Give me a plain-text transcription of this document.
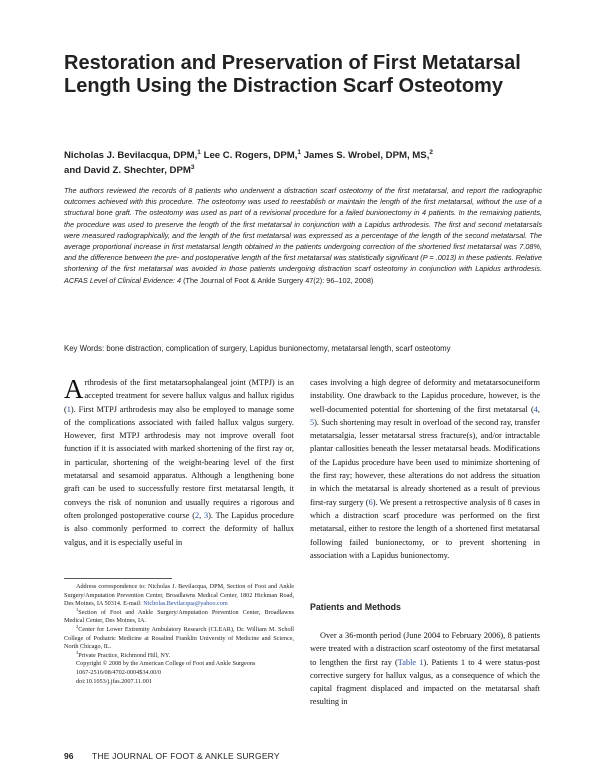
Restoration and Preservation of First Metatarsal Length Using the Distraction Scarf Osteotomy
Nicholas J. Bevilacqua, DPM,$^1$ Lee C. Rogers, DPM,$^1$ James S. Wrobel, DPM, MS,$^2$
and David Z. Shechter, DPM$^3$
The authors reviewed the records of 8 patients who underwent a distraction scarf osteotomy of the first metatarsal, and report the radiographic outcomes achieved with this procedure. The osteotomy was used to reestablish or maintain the length of the first metatarsal, without the use of a structural bone graft. The osteotomy was used as part of a revisional procedure for a failed bunionectomy in 4 patients. In the remaining patients, the procedure was used to preserve the length of the first metatarsal in conjunction with a Lapidus arthrodesis. The first and second metatarsals were measured radiographically, and the length of the first metatarsal was expressed as a percentage of the length of the second metatarsal. The average proportional increase in first metatarsal length obtained in the patients undergoing correction of the shortened first metatarsal was 7.08%, and the difference between the pre- and postoperative length of the first metatarsal was statistically significant (P = .0013) in these patients. Relative shortening of the first metatarsal was avoided in those patients undergoing distraction scarf osteotomy in conjunction with Lapidus arthrodesis. ACFAS Level of Clinical Evidence: 4 (The Journal of Foot & Ankle Surgery 47(2): 96–102, 2008)

Key Words: bone distraction, complication of surgery, Lapidus bunionectomy, metatarsal length, scarf osteotomy

Arthrodesis of the first metatarsophalangeal joint (MTPJ) is an accepted treatment for severe hallux valgus and hallux rigidus (1). First MTPJ arthrodesis may also be employed to manage some of the complications associated with failed hallux valgus surgery. However, first MTPJ arthrodesis may not improve overall foot function if it is associated with marked shortening of the first ray or, in particular, shortening of the weight-bearing level of the first metatarsal and sesamoid apparatus. Although a lengthening bone graft can be used to successfully restore first metatarsal length, it conveys the risk of nonunion and usually requires a rigorous and often prolonged postoperative course (2, 3). The Lapidus procedure is also commonly performed to correct the deformity of hallux valgus, and it is especially useful in
cases involving a high degree of deformity and metatarsocuneiform instability. One drawback to the Lapidus procedure, however, is the well-documented potential for shortening of the first metatarsal (4, 5). Such shortening may result in overload of the second ray, transfer metatarsalgia, lesser metatarsal stress fracture(s), and/or intractable plantar callosities beneath the lesser metatarsal heads. Modifications of the Lapidus procedure have been used to minimize shortening of the first ray; however, these alterations do not address the situation in which the metatarsal is already shortened as a result of previous first-ray surgery (6). We present a retrospective analysis of 8 cases in which a distraction scarf procedure was performed on the first metatarsal, either to restore the length of a shortened first metatarsal following failed bunionectomy, or to prevent shortening in association with a Lapidus bunionectomy.
Patients and Methods

Over a 36-month period (June 2004 to February 2006), 8 patients were treated with a distraction scarf osteotomy of the first metatarsal to lengthen the first ray (Table 1). Patients 1 to 4 were status-post corrective surgery for hallux valgus, as a consequence of which the capital fragment displaced and impacted on the metatarsal shaft resulting in

Address correspondence to: Nicholas J. Bevilacqua, DPM, Section of Foot and Ankle Surgery/Amputation Prevention Center, Broadlawns Medical Center, 1802 Hickman Road, Des Moines, IA 50314. E-mail: Nicholas.Bevilacqua@yahoo.com

$^1$Section of Foot and Ankle Surgery/Amputation Prevention Center, Broadlawns Medical Center, Des Moines, IA.

$^2$Center for Lower Extremity Ambulatory Research (CLEAR), Dr. William M. Scholl College of Podiatric Medicine at Rosalind Franklin University of Medicine and Science, North Chicago, IL.

$^3$Private Practice, Richmond Hill, NY.

Copyright © 2008 by the American College of Foot and Ankle Surgeons

1067-2516/08/4702-0004$34.00/0

doi:10.1053/j.jfas.2007.11.001

96 THE JOURNAL OF FOOT & ANKLE SURGERY
